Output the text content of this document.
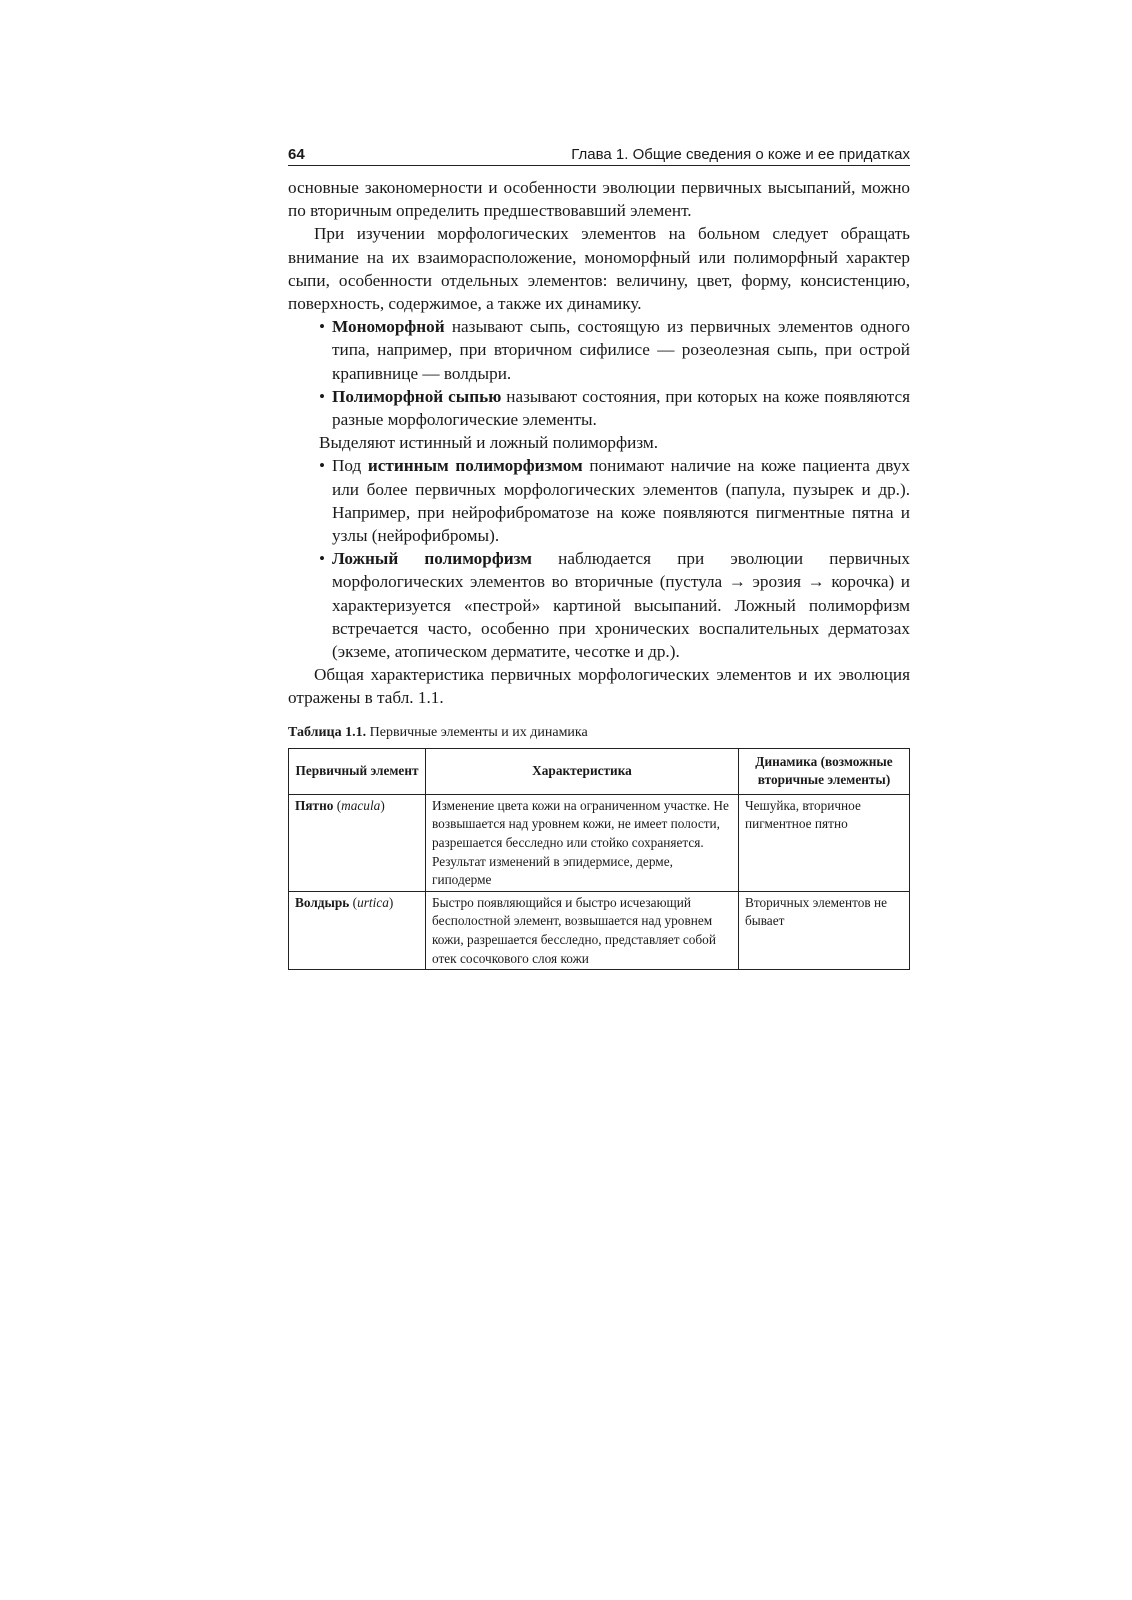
64	Глава 1. Общие сведения о коже и ее придатках

основные закономерности и особенности эволюции первичных высыпаний, можно по вторичным определить предшествовавший элемент.

При изучении морфологических элементов на больном следует обращать внимание на их взаиморасположение, мономорфный или полиморфный характер сыпи, особенности отдельных элементов: величину, цвет, форму, консистенцию, поверхность, содержимое, а также их динамику.

• Мономорфной называют сыпь, состоящую из первичных элементов одного типа, например, при вторичном сифилисе — розеолезная сыпь, при острой крапивнице — волдыри.
• Полиморфной сыпью называют состояния, при которых на коже появляются разные морфологические элементы.

Выделяют истинный и ложный полиморфизм.

• Под истинным полиморфизмом понимают наличие на коже пациента двух или более первичных морфологических элементов (папула, пузырек и др.). Например, при нейрофиброматозе на коже появляются пигментные пятна и узлы (нейрофибромы).
• Ложный полиморфизм наблюдается при эволюции первичных морфологических элементов во вторичные (пустула → эрозия → корочка) и характеризуется «пестрой» картиной высыпаний. Ложный полиморфизм встречается часто, особенно при хронических воспалительных дерматозах (экземе, атопическом дерматите, чесотке и др.).

Общая характеристика первичных морфологических элементов и их эволюция отражены в табл. 1.1.

Таблица 1.1. Первичные элементы и их динамика
Первичный элемент	Характеристика	Динамика (возможные вторичные элементы)
Пятно (macula)	Изменение цвета кожи на ограниченном участке. Не возвышается над уровнем кожи, не имеет полости, разрешается бесследно или стойко сохраняется. Результат изменений в эпидермисе, дерме, гиподерме	Чешуйка, вторичное пигментное пятно
Волдырь (urtica)	Быстро появляющийся и быстро исчезающий бесполостной элемент, возвышается над уровнем кожи, разрешается бесследно, представляет собой отек сосочкового слоя кожи	Вторичных элементов не бывает
